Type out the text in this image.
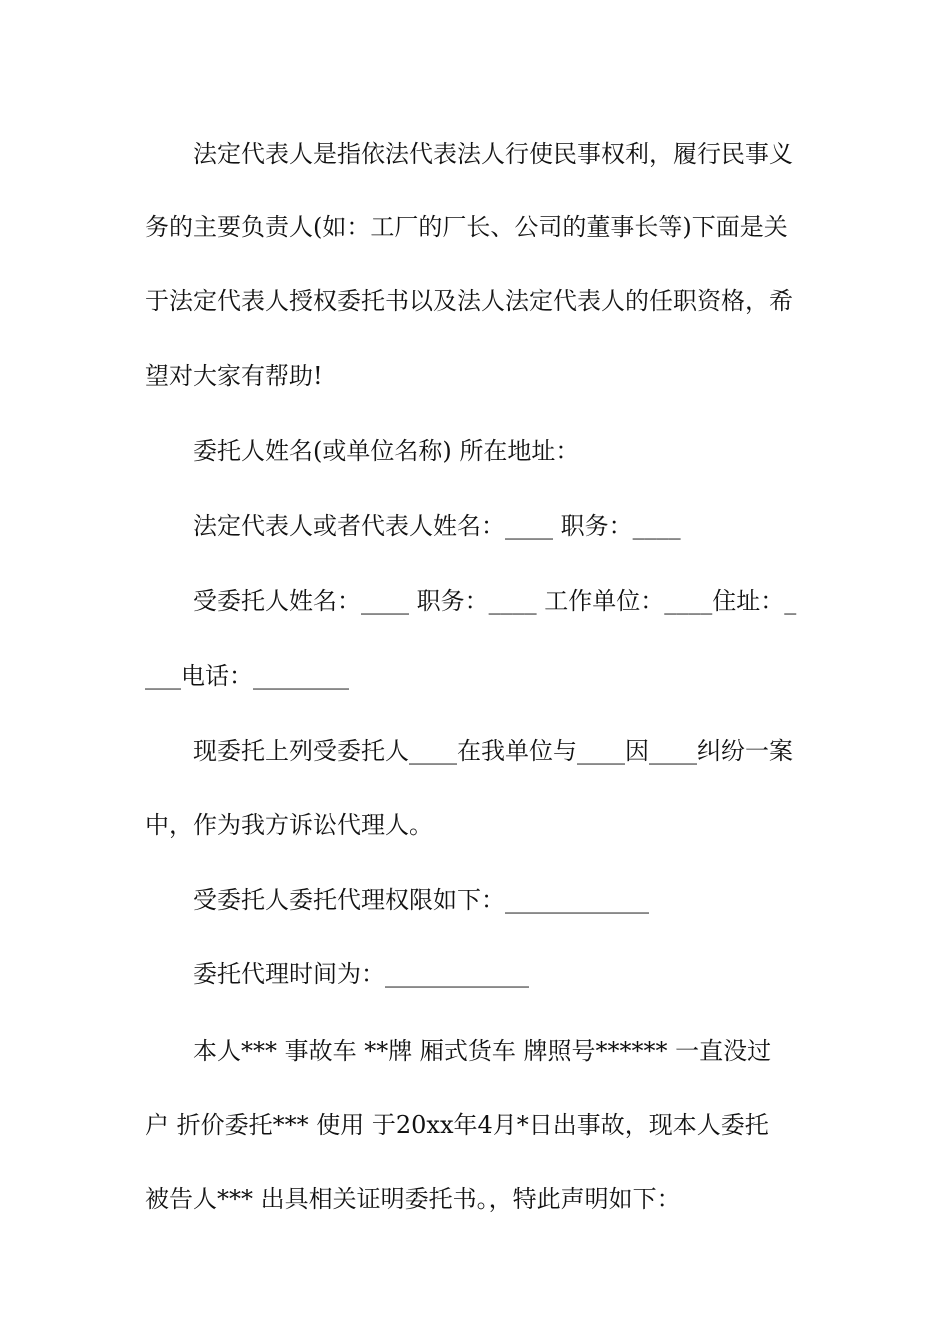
法定代表人是指依法代表法人行使民事权利，履行民事义
务的主要负责人(如：工厂的厂长、公司的董事长等)下面是关
于法定代表人授权委托书以及法人法定代表人的任职资格，希
望对大家有帮助!
委托人姓名(或单位名称) 所在地址：
法定代表人或者代表人姓名：____ 职务：____
受委托人姓名：____ 职务：____ 工作单位：____住址：_
___电话：________
现委托上列受委托人____在我单位与____因____纠纷一案
中，作为我方诉讼代理人。
受委托人委托代理权限如下：____________
委托代理时间为：____________
本人*** 事故车 **牌 厢式货车 牌照号****** 一直没过
户 折价委托*** 使用 于20xx年4月*日出事故，现本人委托
被告人*** 出具相关证明委托书。，特此声明如下：
